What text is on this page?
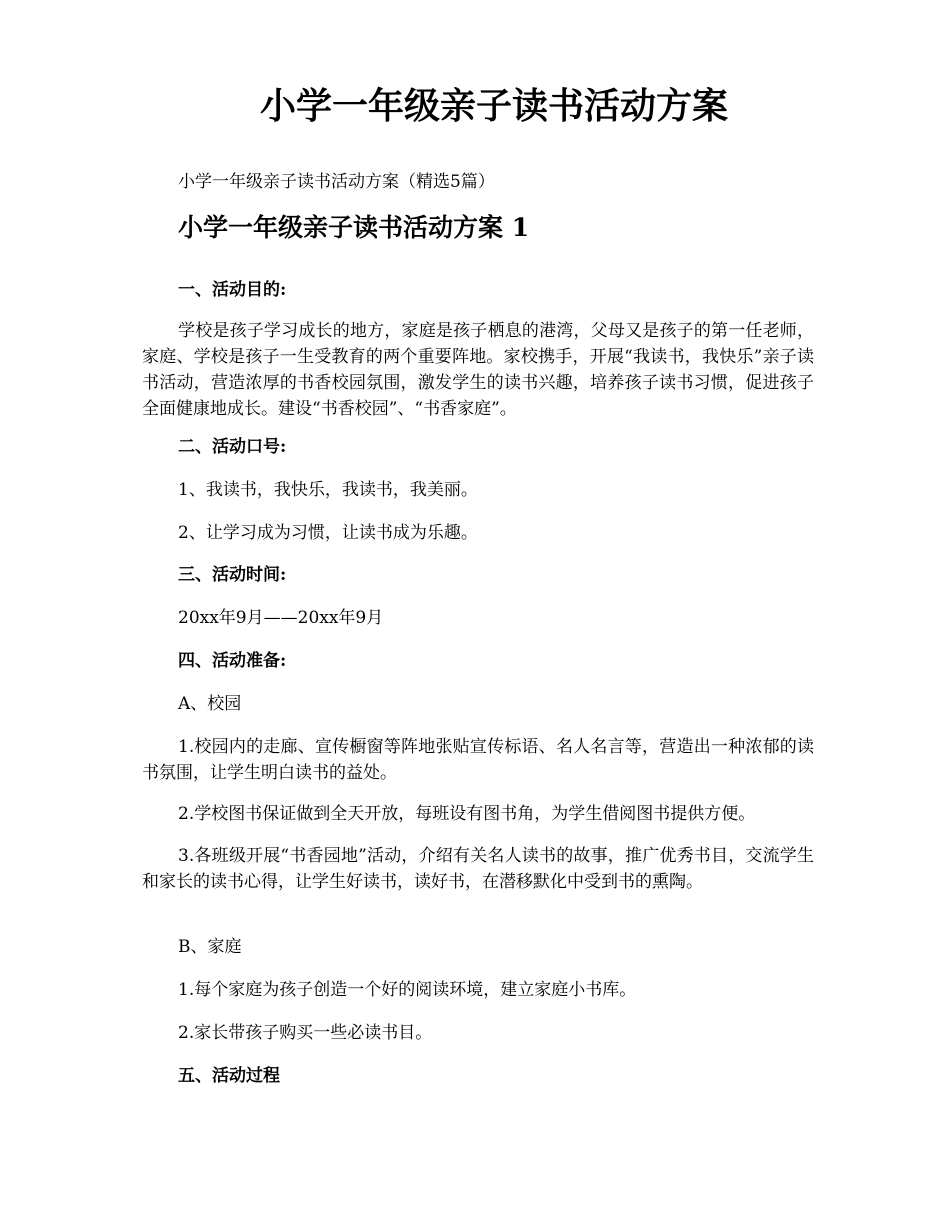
小学一年级亲子读书活动方案

小学一年级亲子读书活动方案（精选5篇）

小学一年级亲子读书活动方案 1

一、活动目的:

学校是孩子学习成长的地方，家庭是孩子栖息的港湾，父母又是孩子的第一任老师，家庭、学校是孩子一生受教育的两个重要阵地。家校携手，开展“我读书，我快乐”亲子读书活动，营造浓厚的书香校园氛围，激发学生的读书兴趣，培养孩子读书习惯，促进孩子全面健康地成长。建设“书香校园”、“书香家庭”。

二、活动口号:

1、我读书，我快乐，我读书，我美丽。

2、让学习成为习惯，让读书成为乐趣。

三、活动时间:

20xx年9月——20xx年9月

四、活动准备:

A、校园

1.校园内的走廊、宣传橱窗等阵地张贴宣传标语、名人名言等，营造出一种浓郁的读书氛围，让学生明白读书的益处。

2.学校图书保证做到全天开放，每班设有图书角，为学生借阅图书提供方便。

3.各班级开展“书香园地”活动，介绍有关名人读书的故事，推广优秀书目，交流学生和家长的读书心得，让学生好读书，读好书，在潜移默化中受到书的熏陶。

B、家庭

1.每个家庭为孩子创造一个好的阅读环境，建立家庭小书库。

2.家长带孩子购买一些必读书目。

五、活动过程
